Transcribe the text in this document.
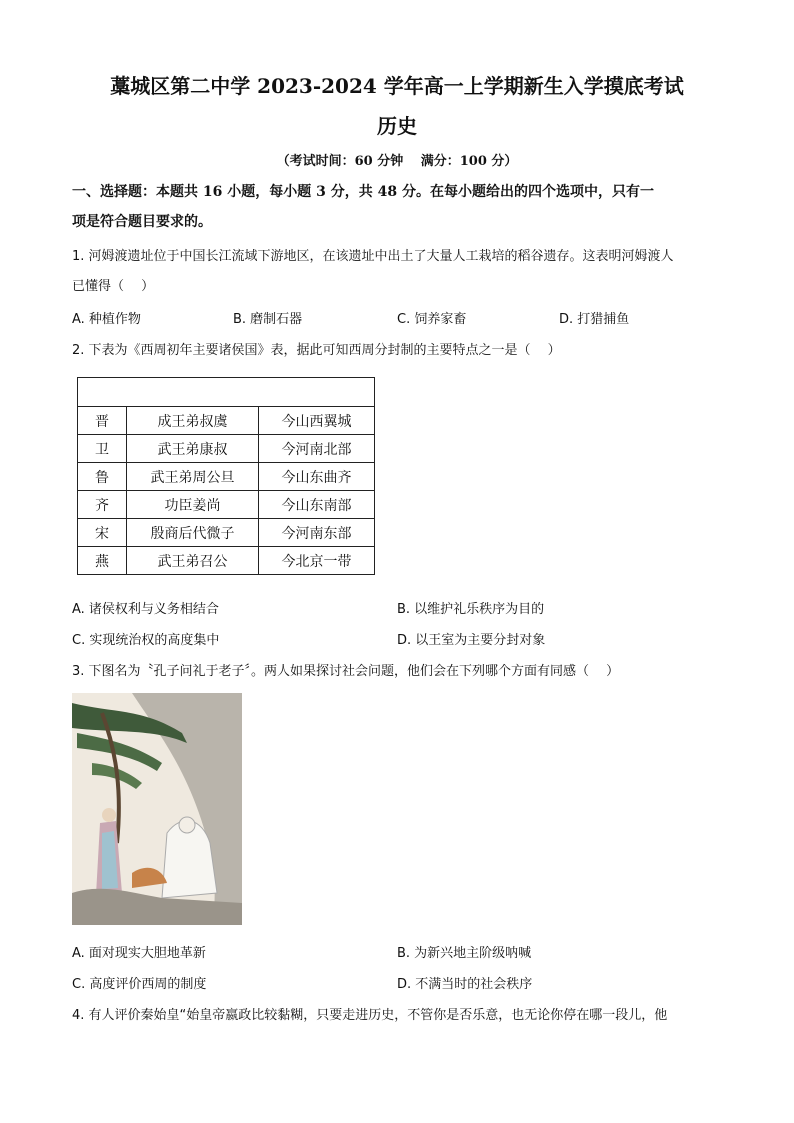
藁城区第二中学 2023-2024 学年高一上学期新生入学摸底考试
历史
（考试时间：60 分钟　 满分：100 分）
一、选择题：本题共 16 小题，每小题 3 分，共 48 分。在每小题给出的四个选项中，只有一
项是符合题目要求的。
1. 河姆渡遗址位于中国长江流域下游地区，在该遗址中出土了大量人工栽培的稻谷遗存。这表明河姆渡人
已懂得（　 ）
A. 种植作物	B. 磨制石器	C. 饲养家畜	D. 打猎捕鱼
2. 下表为《西周初年主要诸侯国》表，据此可知西周分封制的主要特点之一是（　 ）

晋	成王弟叔虞	今山西翼城
卫	武王弟康叔	今河南北部
鲁	武王弟周公旦	今山东曲齐
齐	功臣姜尚	今山东南部
宋	殷商后代微子	今河南东部
燕	武王弟召公	今北京一带
A. 诸侯权利与义务相结合	B. 以维护礼乐秩序为目的
C. 实现统治权的高度集中	D. 以王室为主要分封对象
3. 下图名为〝孔子问礼于老子〞。两人如果探讨社会问题，他们会在下列哪个方面有同感（　 ）
A. 面对现实大胆地革新	B. 为新兴地主阶级呐喊
C. 高度评价西周的制度	D. 不满当时的社会秩序
4. 有人评价秦始皇“始皇帝嬴政比较黏糊，只要走进历史，不管你是否乐意，也无论你停在哪一段儿，他
